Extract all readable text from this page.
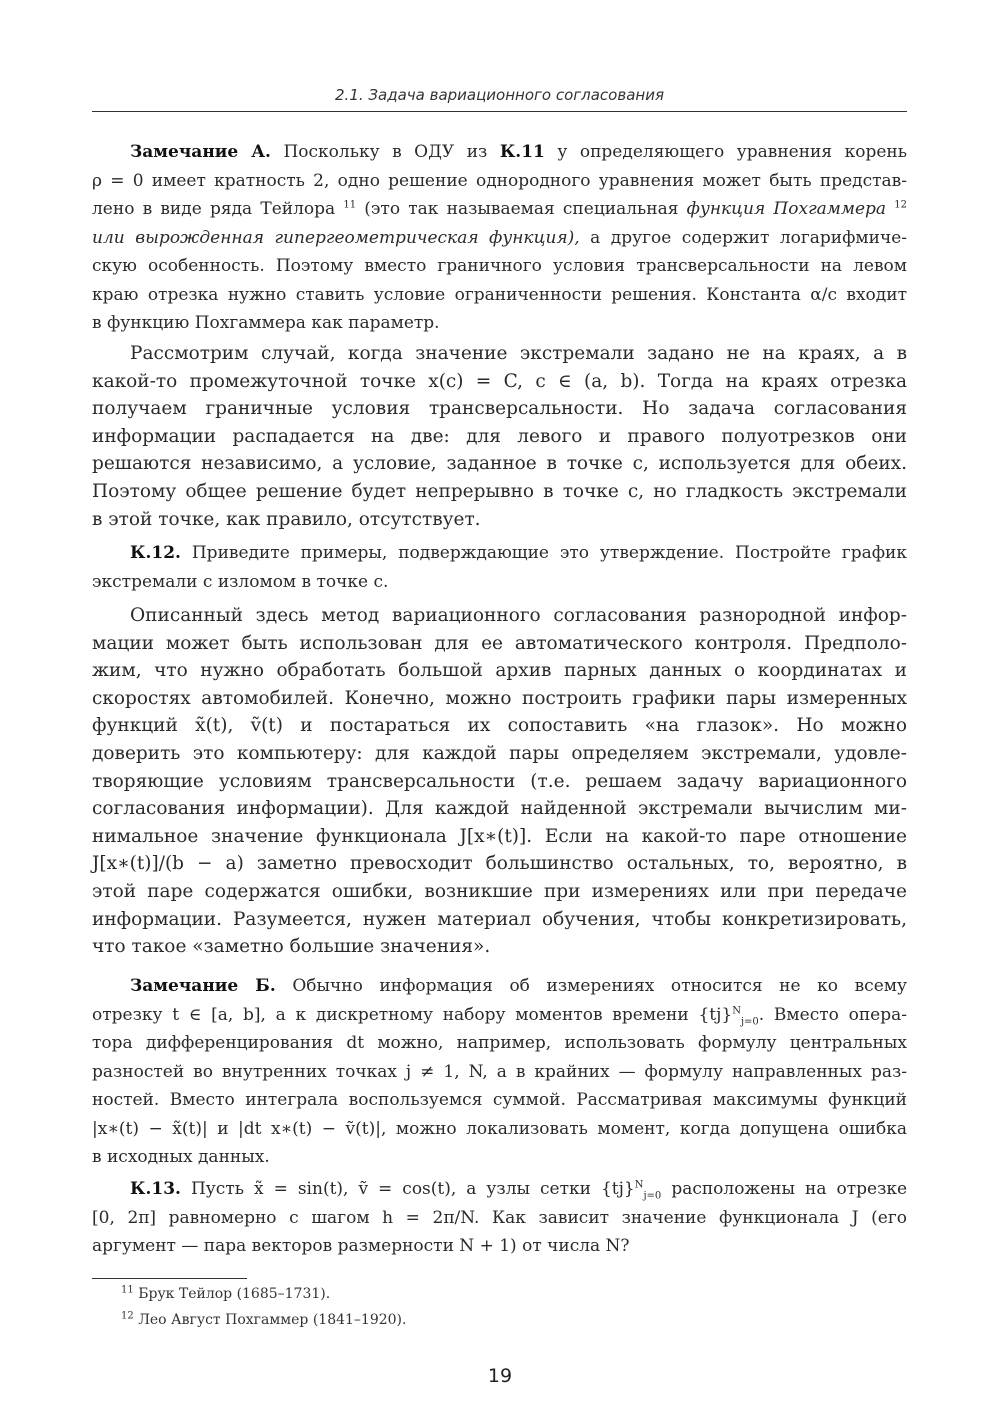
2.1. Задача вариационного согласования
Замечание А. Поскольку в ОДУ из К.11 у определяющего уравнения корень
ρ = 0 имеет кратность 2, одно решение однородного уравнения может быть представ-
лено в виде ряда Тейлора $^{11}$ (это так называемая специальная функция Похгаммера $^{12}$
или вырожденная гипергеометрическая функция), а другое содержит логарифмиче-
скую особенность. Поэтому вместо граничного условия трансверсальности на левом
краю отрезка нужно ставить условие ограниченности решения. Константа α/c входит
в функцию Похгаммера как параметр.
Рассмотрим случай, когда значение экстремали задано не на краях, а в
какой-то промежуточной точке x(c) = C, c ∈ (a, b). Тогда на краях отрезка
получаем граничные условия трансверсальности. Но задача согласования
информации распадается на две: для левого и правого полуотрезков они
решаются независимо, а условие, заданное в точке c, используется для обеих.
Поэтому общее решение будет непрерывно в точке c, но гладкость экстремали
в этой точке, как правило, отсутствует.
К.12. Приведите примеры, подверждающие это утверждение. Постройте график
экстремали с изломом в точке c.
Описанный здесь метод вариационного согласования разнородной инфор-
мации может быть использован для ее автоматического контроля. Предполо-
жим, что нужно обработать большой архив парных данных о координатах и
скоростях автомобилей. Конечно, можно построить графики пары измеренных
функций x̃(t), ṽ(t) и постараться их сопоставить «на глазок». Но можно
доверить это компьютеру: для каждой пары определяем экстремали, удовле-
творяющие условиям трансверсальности (т.е. решаем задачу вариационного
согласования информации). Для каждой найденной экстремали вычислим ми-
нимальное значение функционала J[x∗(t)]. Если на какой-то паре отношение
J[x∗(t)]/(b − a) заметно превосходит большинство остальных, то, вероятно, в
этой паре содержатся ошибки, возникшие при измерениях или при передаче
информации. Разумеется, нужен материал обучения, чтобы конкретизировать,
что такое «заметно большие значения».
Замечание Б. Обычно информация об измерениях относится не ко всему
отрезку t ∈ [a, b], а к дискретному набору моментов времени {tj}$^N_{j=0}$. Вместо опера-
тора дифференцирования dt можно, например, использовать формулу центральных
разностей во внутренних точках j ≠ 1, N, а в крайних — формулу направленных раз-
ностей. Вместо интеграла воспользуемся суммой. Рассматривая максимумы функций
|x∗(t) − x̃(t)| и |dt x∗(t) − ṽ(t)|, можно локализовать момент, когда допущена ошибка
в исходных данных.
К.13. Пусть x̃ = sin(t), ṽ = cos(t), а узлы сетки {tj}$^N_{j=0}$ расположены на отрезке
[0, 2π] равномерно с шагом h = 2π/N. Как зависит значение функционала J (его
аргумент — пара векторов размерности N + 1) от числа N?
$^{11}$ Брук Тейлор (1685–1731).
$^{12}$ Лео Август Похгаммер (1841–1920).
19
